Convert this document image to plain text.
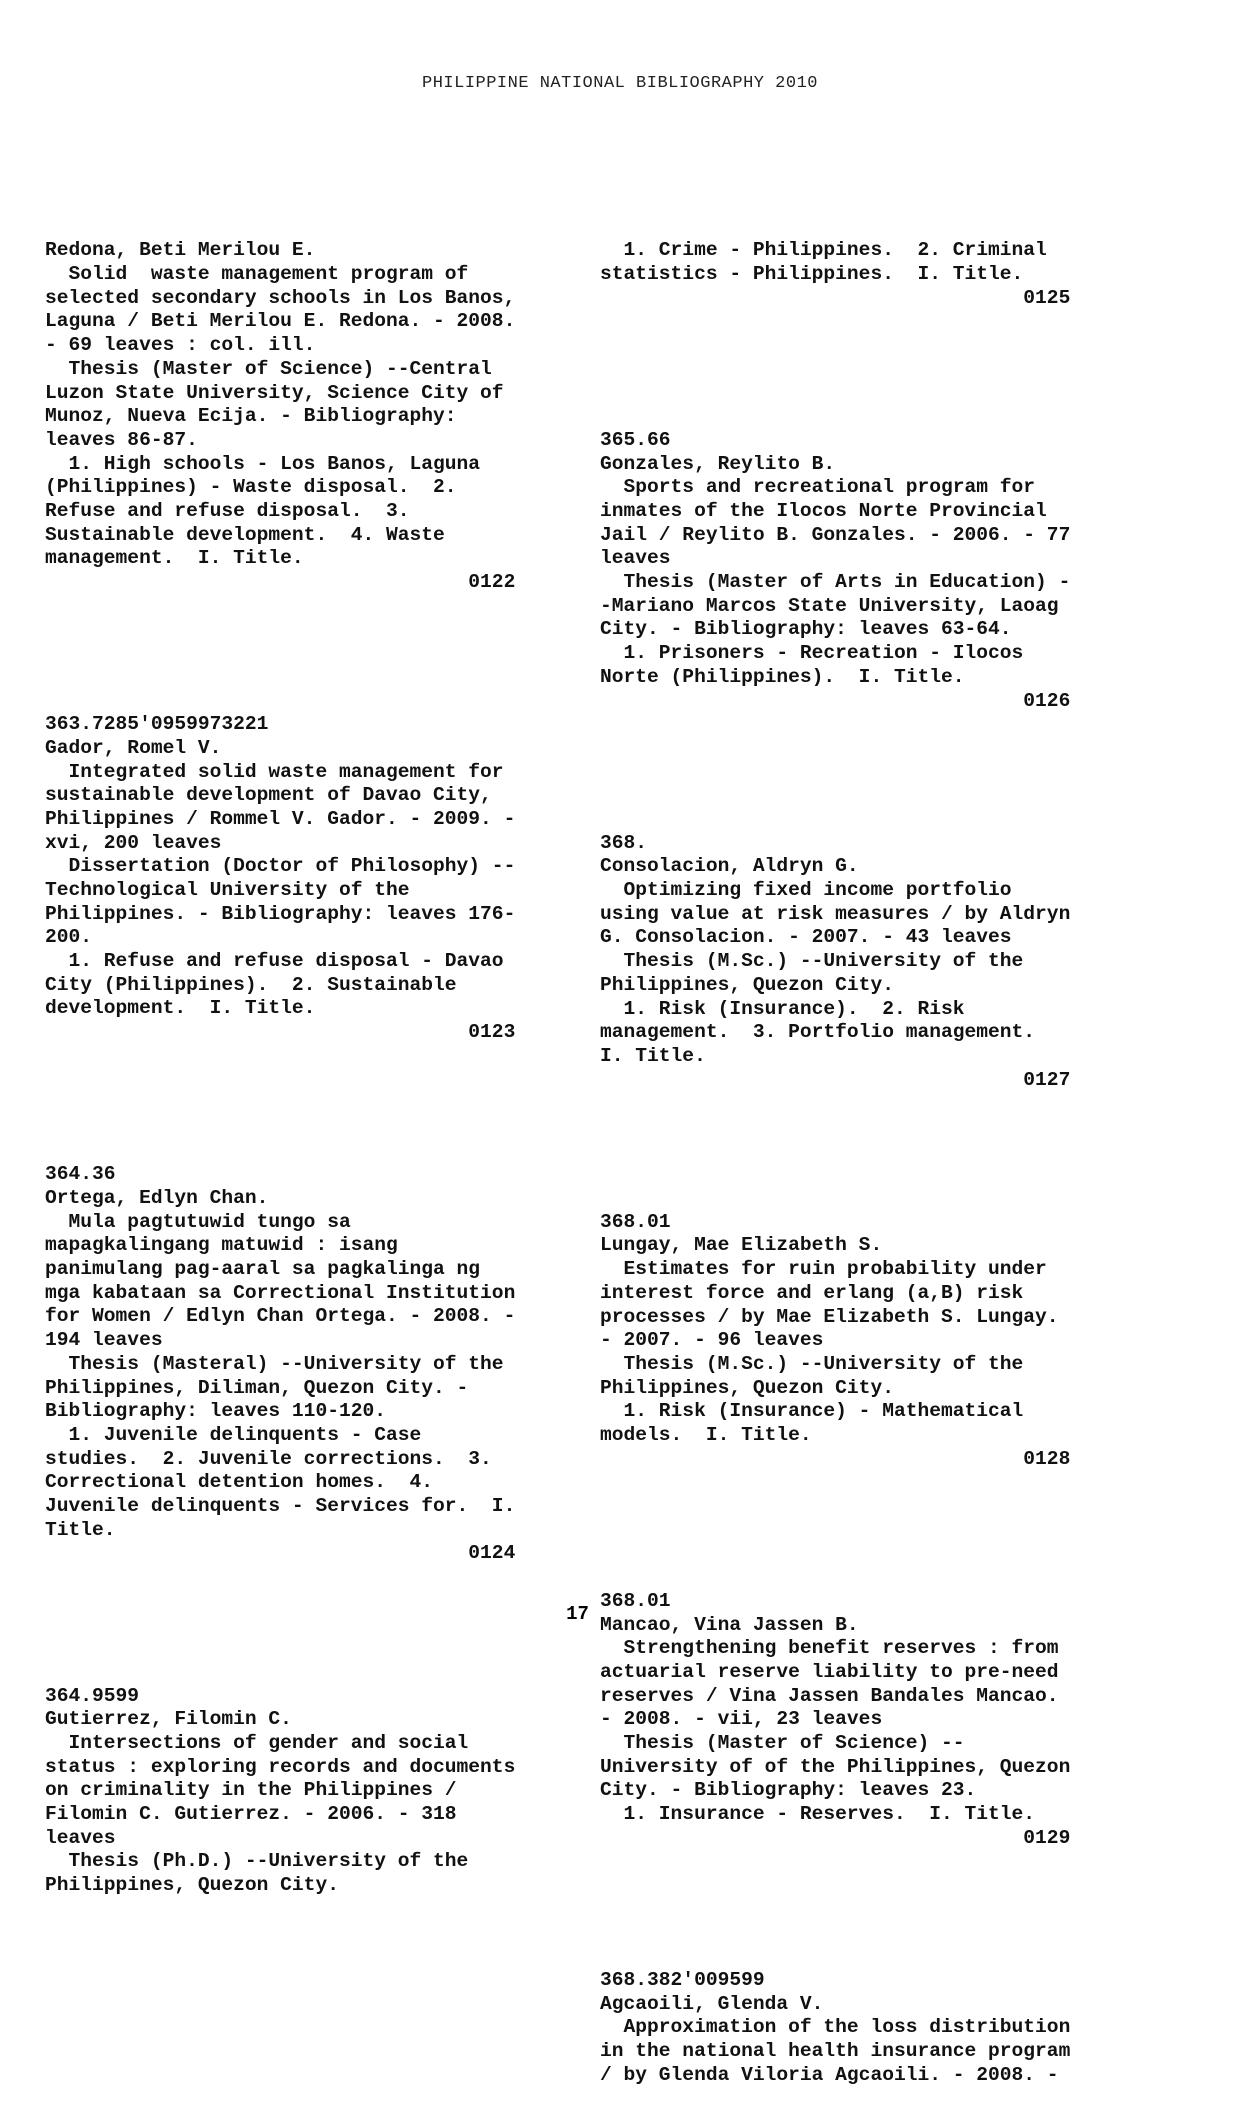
PHILIPPINE NATIONAL BIBLIOGRAPHY 2010

Redona, Beti Merilou E.
Solid  waste management program of
selected secondary schools in Los Banos,
Laguna / Beti Merilou E. Redona. - 2008.
- 69 leaves : col. ill.
Thesis (Master of Science) --Central
Luzon State University, Science City of
Munoz, Nueva Ecija. - Bibliography:
leaves 86-87.
1. High schools - Los Banos, Laguna
(Philippines) - Waste disposal.  2.
Refuse and refuse disposal.  3.
Sustainable development.  4. Waste
management.  I. Title.
0122

363.7285'0959973221
Gador, Romel V.
Integrated solid waste management for
sustainable development of Davao City,
Philippines / Rommel V. Gador. - 2009. -
xvi, 200 leaves
Dissertation (Doctor of Philosophy) --
Technological University of the
Philippines. - Bibliography: leaves 176-
200.
1. Refuse and refuse disposal - Davao
City (Philippines).  2. Sustainable
development.  I. Title.
0123

364.36
Ortega, Edlyn Chan.
Mula pagtutuwid tungo sa
mapagkalingang matuwid : isang
panimulang pag-aaral sa pagkalinga ng
mga kabataan sa Correctional Institution
for Women / Edlyn Chan Ortega. - 2008. -
194 leaves
Thesis (Masteral) --University of the
Philippines, Diliman, Quezon City. -
Bibliography: leaves 110-120.
1. Juvenile delinquents - Case
studies.  2. Juvenile corrections.  3.
Correctional detention homes.  4.
Juvenile delinquents - Services for.  I.
Title.
0124

364.9599
Gutierrez, Filomin C.
Intersections of gender and social
status : exploring records and documents
on criminality in the Philippines /
Filomin C. Gutierrez. - 2006. - 318
leaves
Thesis (Ph.D.) --University of the
Philippines, Quezon City.

1. Crime - Philippines.  2. Criminal
statistics - Philippines.  I. Title.
0125

365.66
Gonzales, Reylito B.
Sports and recreational program for
inmates of the Ilocos Norte Provincial
Jail / Reylito B. Gonzales. - 2006. - 77
leaves
Thesis (Master of Arts in Education) -
-Mariano Marcos State University, Laoag
City. - Bibliography: leaves 63-64.
1. Prisoners - Recreation - Ilocos
Norte (Philippines).  I. Title.
0126

368.
Consolacion, Aldryn G.
Optimizing fixed income portfolio
using value at risk measures / by Aldryn
G. Consolacion. - 2007. - 43 leaves
Thesis (M.Sc.) --University of the
Philippines, Quezon City.
1. Risk (Insurance).  2. Risk
management.  3. Portfolio management.
I. Title.
0127

368.01
Lungay, Mae Elizabeth S.
Estimates for ruin probability under
interest force and erlang (a,B) risk
processes / by Mae Elizabeth S. Lungay.
- 2007. - 96 leaves
Thesis (M.Sc.) --University of the
Philippines, Quezon City.
1. Risk (Insurance) - Mathematical
models.  I. Title.
0128

368.01
Mancao, Vina Jassen B.
Strengthening benefit reserves : from
actuarial reserve liability to pre-need
reserves / Vina Jassen Bandales Mancao.
- 2008. - vii, 23 leaves
Thesis (Master of Science) --
University of of the Philippines, Quezon
City. - Bibliography: leaves 23.
1. Insurance - Reserves.  I. Title.
0129

368.382'009599
Agcaoili, Glenda V.
Approximation of the loss distribution
in the national health insurance program
/ by Glenda Viloria Agcaoili. - 2008. -

17
